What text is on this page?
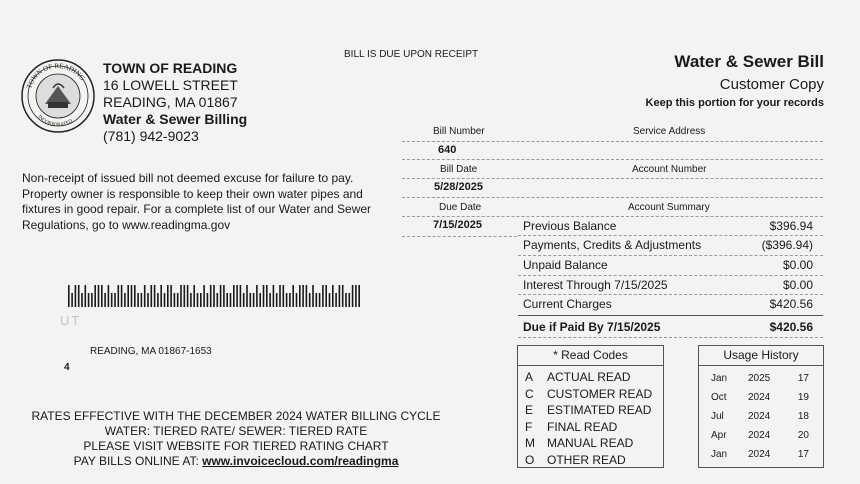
TOWN OF READING
INCORPORATED
TOWN OF READING
16 LOWELL STREET
READING, MA 01867
Water & Sewer Billing
(781) 942-9023
BILL IS DUE UPON RECEIPT	Water & Sewer Bill
Customer Copy
Keep this portion for your records
Non-receipt of issued bill not deemed excuse for failure to pay.
Property owner is responsible to keep their own water pipes and
fixtures in good repair. For a complete list of our Water and Sewer
Regulations, go to www.readingma.gov
Bill Number	Service Address
640
Bill Date	Account Number
5/28/2025
Due Date	Account Summary
7/15/2025	Previous Balance	$396.94
Payments, Credits & Adjustments	($396.94)
Unpaid Balance	$0.00
Interest Through 7/15/2025	$0.00
Current Charges	$420.56
Due if Paid By 7/15/2025	$420.56
UT
READING, MA 01867-1653
4
RATES EFFECTIVE WITH THE DECEMBER 2024 WATER BILLING CYCLE
WATER: TIERED RATE/ SEWER: TIERED RATE
PLEASE VISIT WEBSITE FOR TIERED RATING CHART
PAY BILLS ONLINE AT: www.invoicecloud.com/readingma
* Read Codes
A ACTUAL READ
C CUSTOMER READ
E ESTIMATED READ
F FINAL READ
M MANUAL READ
O OTHER READ
Usage History
Jan	2025	17
Oct	2024	19
Jul	2024	18
Apr	2024	20
Jan	2024	17
